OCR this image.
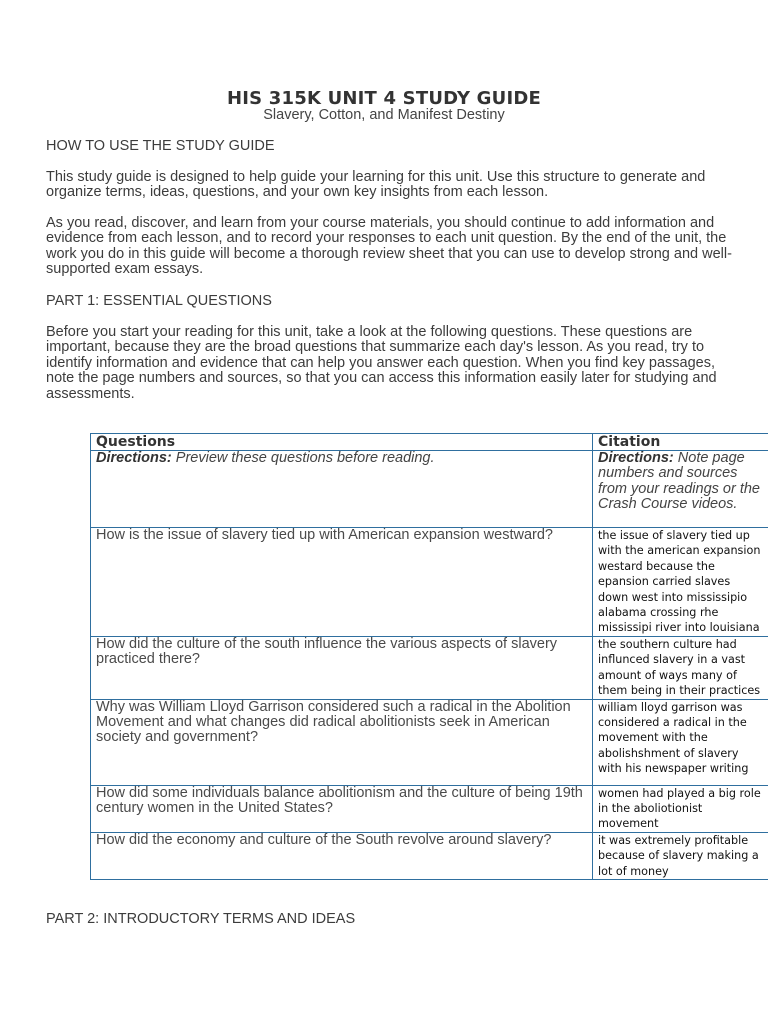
HIS 315K UNIT 4 STUDY GUIDE
Slavery, Cotton, and Manifest Destiny
HOW TO USE THE STUDY GUIDE

This study guide is designed to help guide your learning for this unit. Use this structure to generate and organize terms, ideas, questions, and your own key insights from each lesson.

As you read, discover, and learn from your course materials, you should continue to add information and evidence from each lesson, and to record your responses to each unit question. By the end of the unit, the work you do in this guide will become a thorough review sheet that you can use to develop strong and well-supported exam essays.

PART 1: ESSENTIAL QUESTIONS

Before you start your reading for this unit, take a look at the following questions. These questions are important, because they are the broad questions that summarize each day's lesson. As you read, try to identify information and evidence that can help you answer each question. When you find key passages, note the page numbers and sources, so that you can access this information easily later for studying and assessments.

Questions	Citation
Directions: Preview these questions before reading.	Directions: Note page numbers and sources from your readings or the Crash Course videos.
How is the issue of slavery tied up with American expansion westward?	the issue of slavery tied up with the american expansion westard because the epansion carried slaves down west into mississipio alabama crossing rhe mississipi river into louisiana
How did the culture of the south influence the various aspects of slavery practiced there?	the southern culture had influnced slavery in a vast amount of ways many of them being in their practices
Why was William Lloyd Garrison considered such a radical in the Abolition Movement and what changes did radical abolitionists seek in American society and government?	william lloyd garrison was considered a radical in the movement with the abolishshment of slavery with his newspaper writing
How did some individuals balance abolitionism and the culture of being 19th century women in the United States?	women had played a big role in the aboliotionist movement
How did the economy and culture of the South revolve around slavery?	it was extremely profitable because of slavery making a lot of money
PART 2: INTRODUCTORY TERMS AND IDEAS
